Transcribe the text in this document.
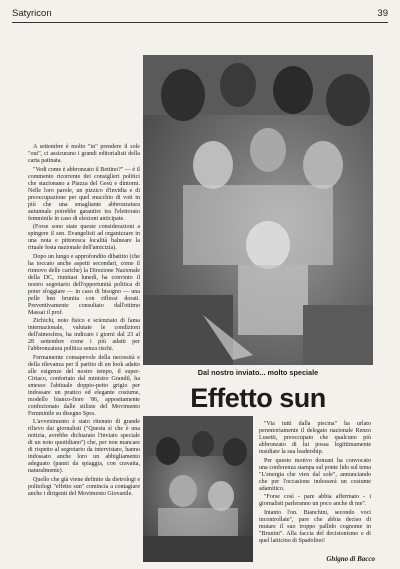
Satyricon	39
Dal nostro inviato... molto speciale
Effetto sun

A settembre è molto "in" prendere il sole "out", ci assicurano i grandi editorialisti della carta patinata.

"Vedi come è abbronzato il Bettino?" — è il commento ricorrente dei consiglieri politici che stazionano a Piazza del Gesù e dintorni. Nelle loro parole, un pizzico d'invidia e di preoccupazione per quel mucchio di voti in più che una smagliante abbronzatura autunnale potrebbe garantire tra l'elettorato femminile in caso di elezioni anticipate.

(Forse sono state queste considerazioni a spingere il sen. Evangelisti ad organizzare in una nota e pittoresca località balneare la rituale festa nazionale dell'amicizia).

Dopo un lungo e approfondito dibattito (che ha toccato anche aspetti secondari, come il rinnovo delle cariche) la Direzione Nazionale della DC, riunitasi lunedì, ha convinto il nostro segretario dell'opportunità politica di poter sfoggiare — in caso di bisogno — una pelle ben brunita con riflessi dorati. Preventivamente consultato dall'ottimo Massai il prof.

Zichichi, noto fisico e scienziato di fama internazionale, valutate le condizioni dell'atmosfera, ha indicato i giorni dal 23 al 28 settembre come i più adatti per l'abbronzatura politica senza rischi.

Fermamente consapevole della necessità e della rilevanza per il partito di un look adatto alle esigenze del nostro tempo, il super-Ciriaco, confortato dal ministro Grandil, ha smesso l'abituale doppio-petto grigio per indossare un pratico ed elegante costume, modello bianco-fiore '86, appositamente confezionato dalle stiliste del Movimento Femminile su disegno Spes.

L'avvenimento è stato ritenuto di grande rilievo dai giornalisti ("Questa sì che è una notizia, avrebbe dichiarato l'inviato speciale di un noto quotidiano") che, per non mancare di rispetto al segretario da intervistare, hanno indossato anche loro un abbigliamento adeguato (panni da spiaggia, con cravatta, naturalmente).

Quello che già viene definito da dietrologi e politologi "effetto sun" comincia a contagiare anche i dirigenti del Movimento Giovanile.

"Via tutti dalla piscina" ha urlato perentoriamente il delegato nazionale Renzo Lusetti, preoccupato che qualcuno più abbronzato di lui possa legittimamente insidiare la sua leadership.

Per questo motivo domani ha convocato una conferenza stampa sul ponte lido sul tema "L'energia che vien dal sole", annunciando che per l'occasione indosserà un costume adamitico.

"Forse così - pare abbia affermato - i giornalisti parleranno un poco anche di me".

Intanto l'on. Bianchini, secondo voci incontrollate", pare che abbia deciso di mutare il suo troppo pallido cognome in "Brunini". Alla faccia del decisionismo e di quel latticino di Spadolino!

Ghigno di Bacco
